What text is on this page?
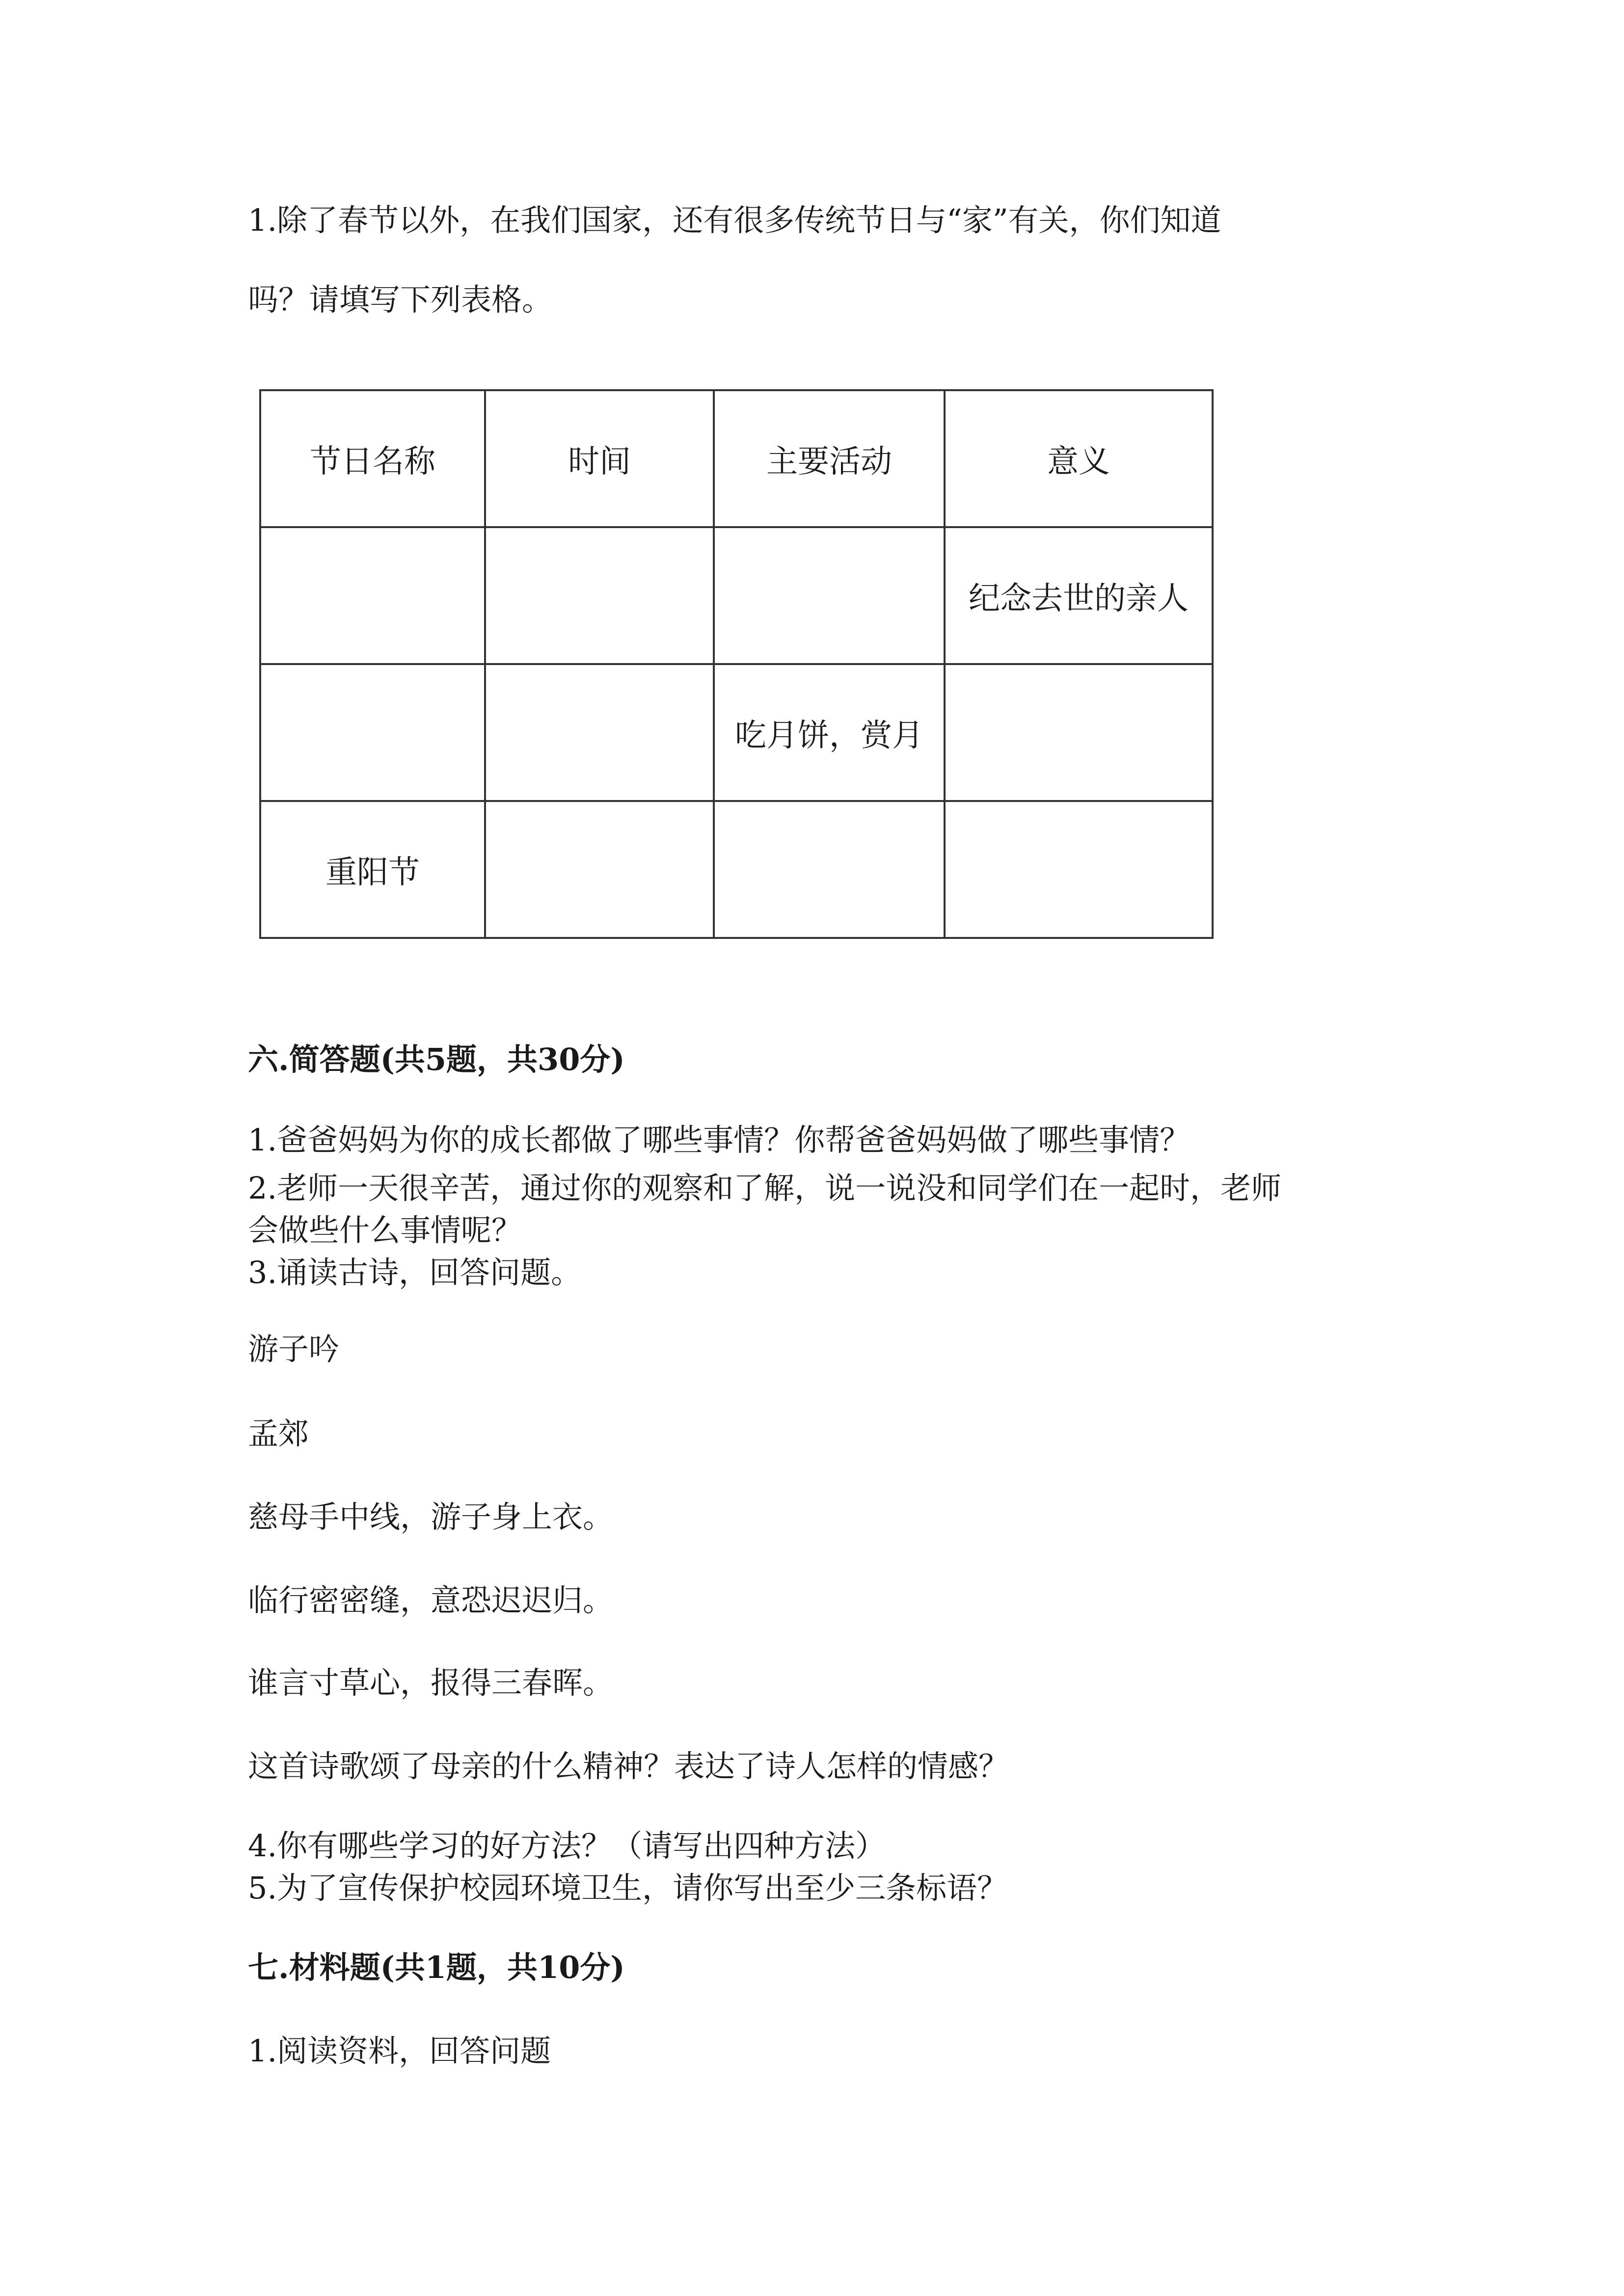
1.除了春节以外，在我们国家，还有很多传统节日与“家”有关，你们知道
吗？请填写下列表格。
节日名称	时间	主要活动	意义
			纪念去世的亲人
		吃月饼，赏月	
重阳节			
六.简答题(共5题，共30分)
1.爸爸妈妈为你的成长都做了哪些事情？你帮爸爸妈妈做了哪些事情？
2.老师一天很辛苦，通过你的观察和了解，说一说没和同学们在一起时，老师
会做些什么事情呢？
3.诵读古诗，回答问题。
游子吟
孟郊
慈母手中线，游子身上衣。
临行密密缝，意恐迟迟归。
谁言寸草心，报得三春晖。
这首诗歌颂了母亲的什么精神？表达了诗人怎样的情感？
4.你有哪些学习的好方法？（请写出四种方法）
5.为了宣传保护校园环境卫生，请你写出至少三条标语？
七.材料题(共1题，共10分)
1.阅读资料，回答问题
